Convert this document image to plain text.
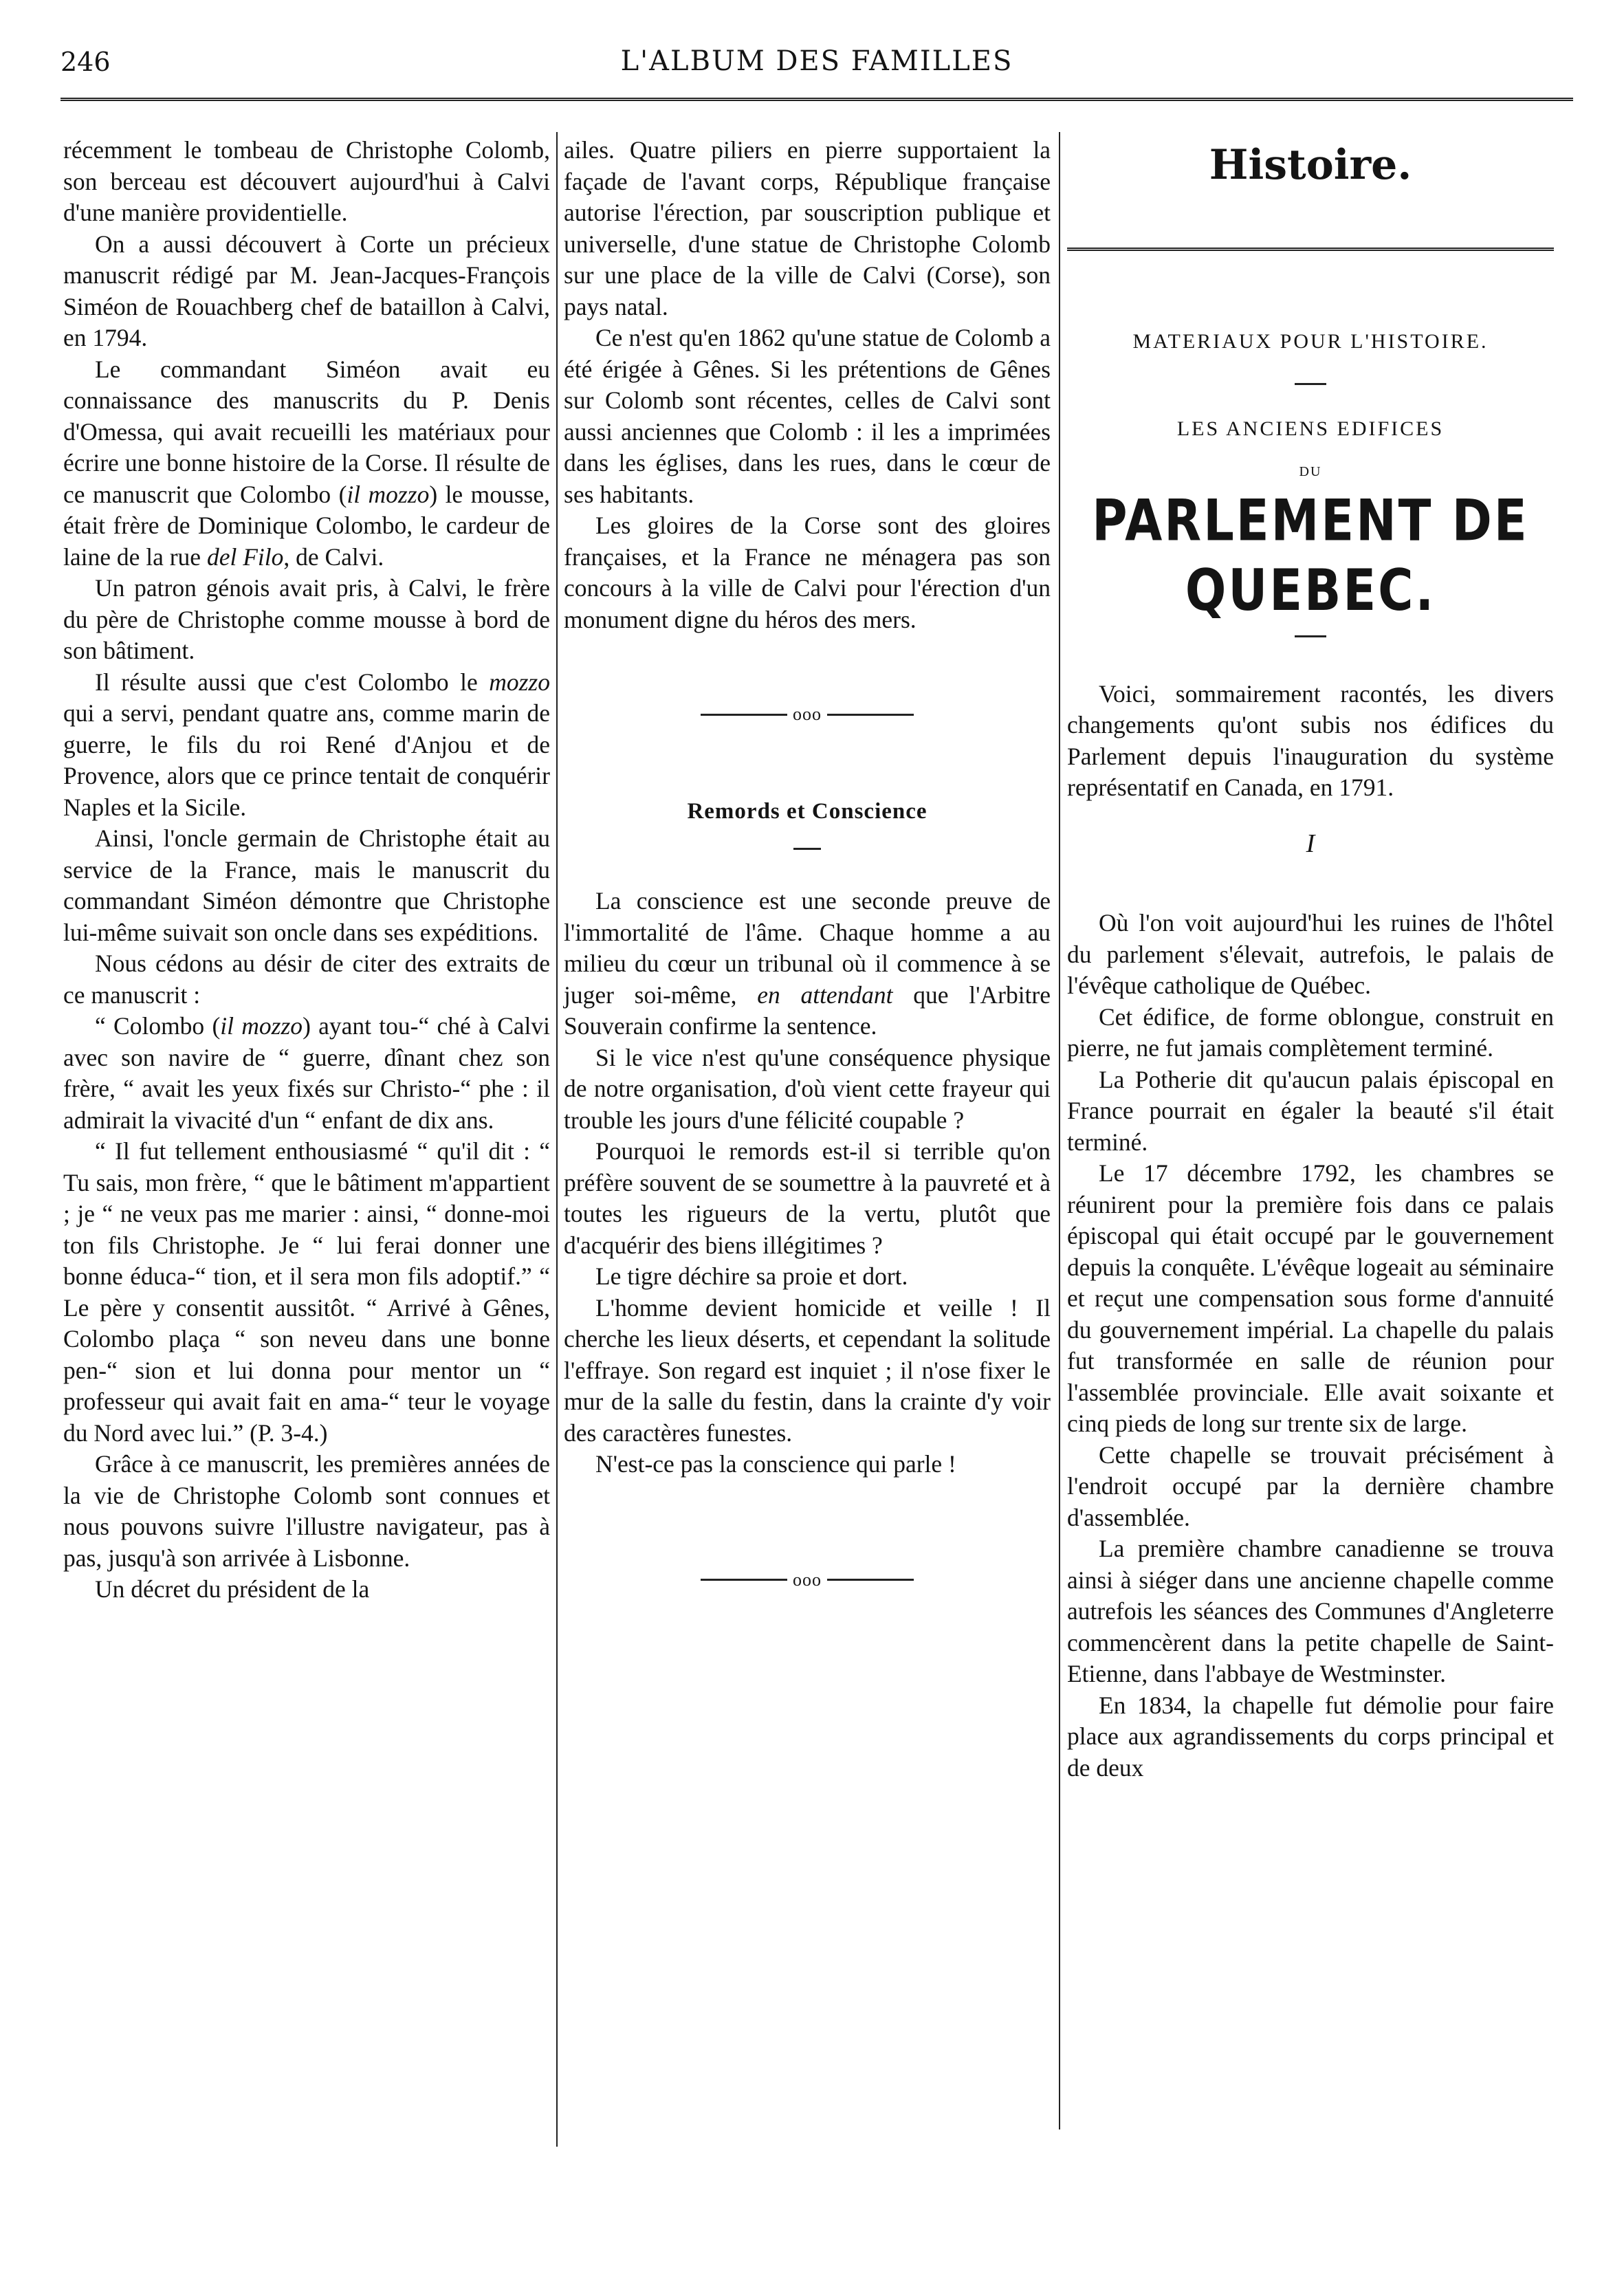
246	L'ALBUM DES FAMILLES

récemment le tombeau de Christophe Colomb, son berceau est découvert aujourd'hui à Calvi d'une manière providentielle.

On a aussi découvert à Corte un précieux manuscrit rédigé par M. Jean-Jacques-François Siméon de Rouachberg chef de bataillon à Calvi, en 1794.

Le commandant Siméon avait eu connaissance des manuscrits du P. Denis d'Omessa, qui avait recueilli les matériaux pour écrire une bonne histoire de la Corse. Il résulte de ce manuscrit que Colombo (il mozzo) le mousse, était frère de Dominique Colombo, le cardeur de laine de la rue del Filo, de Calvi.

Un patron génois avait pris, à Calvi, le frère du père de Christophe comme mousse à bord de son bâtiment.

Il résulte aussi que c'est Colombo le mozzo qui a servi, pendant quatre ans, comme marin de guerre, le fils du roi René d'Anjou et de Provence, alors que ce prince tentait de conquérir Naples et la Sicile.

Ainsi, l'oncle germain de Christophe était au service de la France, mais le manuscrit du commandant Siméon démontre que Christophe lui-même suivait son oncle dans ses expéditions.

Nous cédons au désir de citer des extraits de ce manuscrit :

“ Colombo (il mozzo) ayant tou-“ ché à Calvi avec son navire de “ guerre, dînant chez son frère, “ avait les yeux fixés sur Christo-“ phe : il admirait la vivacité d'un “ enfant de dix ans.

“ Il fut tellement enthousiasmé “ qu'il dit : “ Tu sais, mon frère, “ que le bâtiment m'appartient ; je “ ne veux pas me marier : ainsi, “ donne-moi ton fils Christophe. Je “ lui ferai donner une bonne éduca-“ tion, et il sera mon fils adoptif.” “ Le père y consentit aussitôt. “ Arrivé à Gênes, Colombo plaça “ son neveu dans une bonne pen-“ sion et lui donna pour mentor un “ professeur qui avait fait en ama-“ teur le voyage du Nord avec lui.” (P. 3-4.)

Grâce à ce manuscrit, les premières années de la vie de Christophe Colomb sont connues et nous pouvons suivre l'illustre navigateur, pas à pas, jusqu'à son arrivée à Lisbonne.

Un décret du président de la

ailes. Quatre piliers en pierre supportaient la façade de l'avant corps, République française autorise l'érection, par souscription publique et universelle, d'une statue de Christophe Colomb sur une place de la ville de Calvi (Corse), son pays natal.

Ce n'est qu'en 1862 qu'une statue de Colomb a été érigée à Gênes. Si les prétentions de Gênes sur Colomb sont récentes, celles de Calvi sont aussi anciennes que Colomb : il les a imprimées dans les églises, dans les rues, dans le cœur de ses habitants.

Les gloires de la Corse sont des gloires françaises, et la France ne ménagera pas son concours à la ville de Calvi pour l'érection d'un monument digne du héros des mers.

ooo
Remords et Conscience

La conscience est une seconde preuve de l'immortalité de l'âme. Chaque homme a au milieu du cœur un tribunal où il commence à se juger soi-même, en attendant que l'Arbitre Souverain confirme la sentence.

Si le vice n'est qu'une conséquence physique de notre organisation, d'où vient cette frayeur qui trouble les jours d'une félicité coupable ?

Pourquoi le remords est-il si terrible qu'on préfère souvent de se soumettre à la pauvreté et à toutes les rigueurs de la vertu, plutôt que d'acquérir des biens illégitimes ?

Le tigre déchire sa proie et dort.

L'homme devient homicide et veille ! Il cherche les lieux déserts, et cependant la solitude l'effraye. Son regard est inquiet ; il n'ose fixer le mur de la salle du festin, dans la crainte d'y voir des caractères funestes.

N'est-ce pas la conscience qui parle !

ooo
Histoire.
MATERIAUX POUR L'HISTOIRE.
LES ANCIENS EDIFICES
DU
PARLEMENT DE QUEBEC.

Voici, sommairement racontés, les divers changements qu'ont subis nos édifices du Parlement depuis l'inauguration du système représentatif en Canada, en 1791.

I

Où l'on voit aujourd'hui les ruines de l'hôtel du parlement s'élevait, autrefois, le palais de l'évêque catholique de Québec.

Cet édifice, de forme oblongue, construit en pierre, ne fut jamais complètement terminé.

La Potherie dit qu'aucun palais épiscopal en France pourrait en égaler la beauté s'il était terminé.

Le 17 décembre 1792, les chambres se réunirent pour la première fois dans ce palais épiscopal qui était occupé par le gouvernement depuis la conquête. L'évêque logeait au séminaire et reçut une compensation sous forme d'annuité du gouvernement impérial. La chapelle du palais fut transformée en salle de réunion pour l'assemblée provinciale. Elle avait soixante et cinq pieds de long sur trente six de large.

Cette chapelle se trouvait précisément à l'endroit occupé par la dernière chambre d'assemblée.

La première chambre canadienne se trouva ainsi à siéger dans une ancienne chapelle comme autrefois les séances des Communes d'Angleterre commencèrent dans la petite chapelle de Saint-Etienne, dans l'abbaye de Westminster.

En 1834, la chapelle fut démolie pour faire place aux agrandissements du corps principal et de deux
